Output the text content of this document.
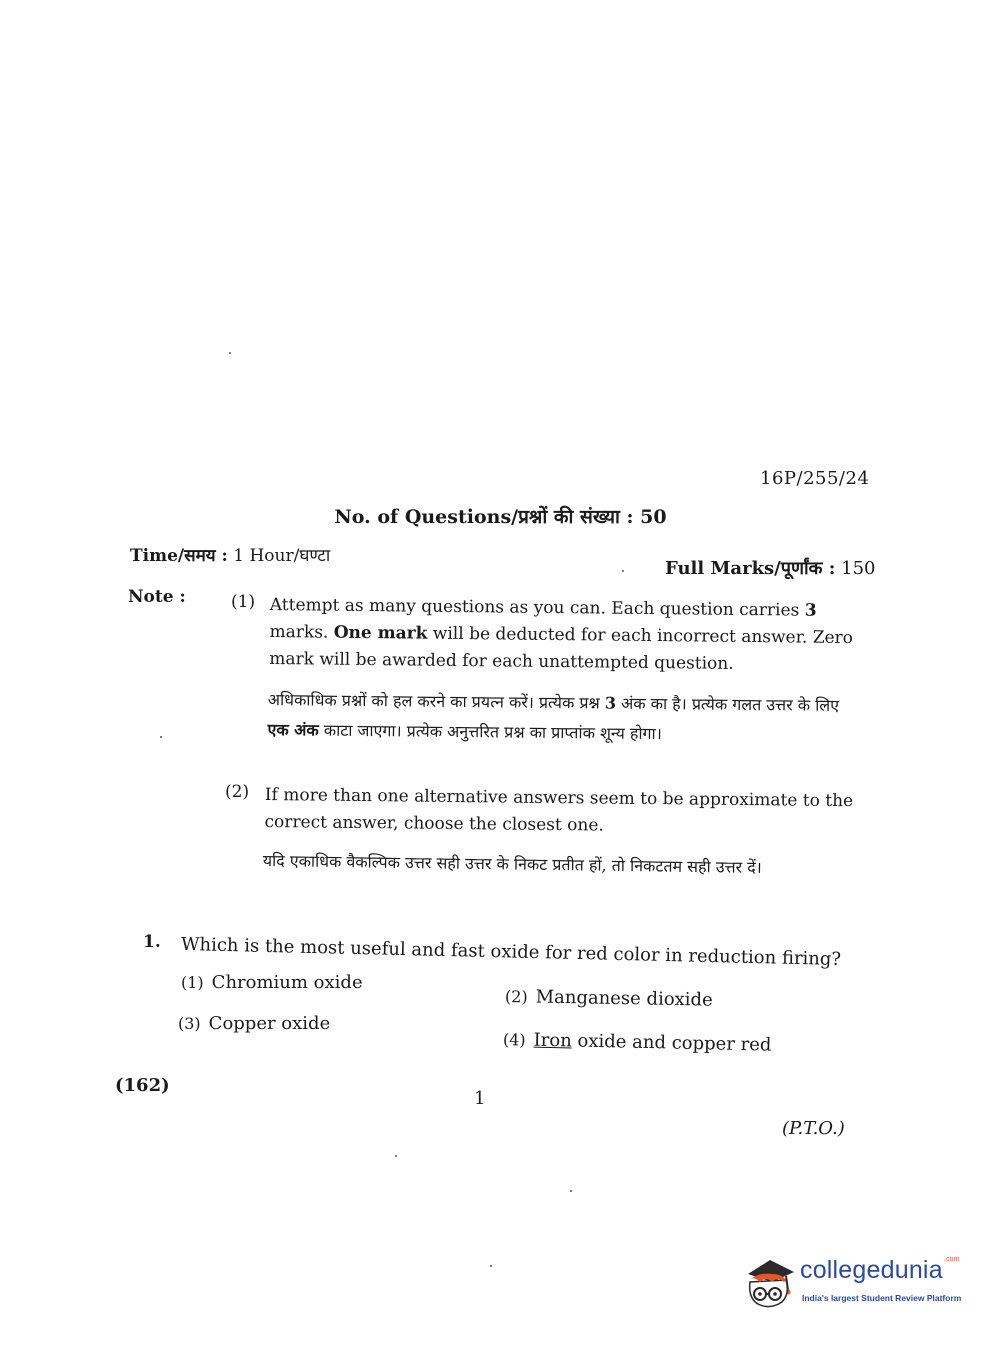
16P/255/24
No. of Questions/प्रश्नों की संख्या : 50
Time/समय : 1 Hour/घण्टा
Full Marks/पूर्णांक : 150
Note :	(1) Attempt as many questions as you can. Each question carries 3 marks. One mark will be deducted for each incorrect answer. Zero mark will be awarded for each unattempted question.
अधिकाधिक प्रश्नों को हल करने का प्रयत्न करें। प्रत्येक प्रश्न 3 अंक का है। प्रत्येक गलत उत्तर के लिए एक अंक काटा जाएगा। प्रत्येक अनुत्तरित प्रश्न का प्राप्तांक शून्य होगा।
(2) If more than one alternative answers seem to be approximate to the correct answer, choose the closest one.
यदि एकाधिक वैकल्पिक उत्तर सही उत्तर के निकट प्रतीत हों, तो निकटतम सही उत्तर दें।
1. Which is the most useful and fast oxide for red color in reduction firing?
(1) Chromium oxide
(2) Manganese dioxide
(3) Copper oxide
(4) Iron oxide and copper red
(162)
1
(P.T.O.)
collegedunia$^{.com}$
India's largest Student Review Platform
